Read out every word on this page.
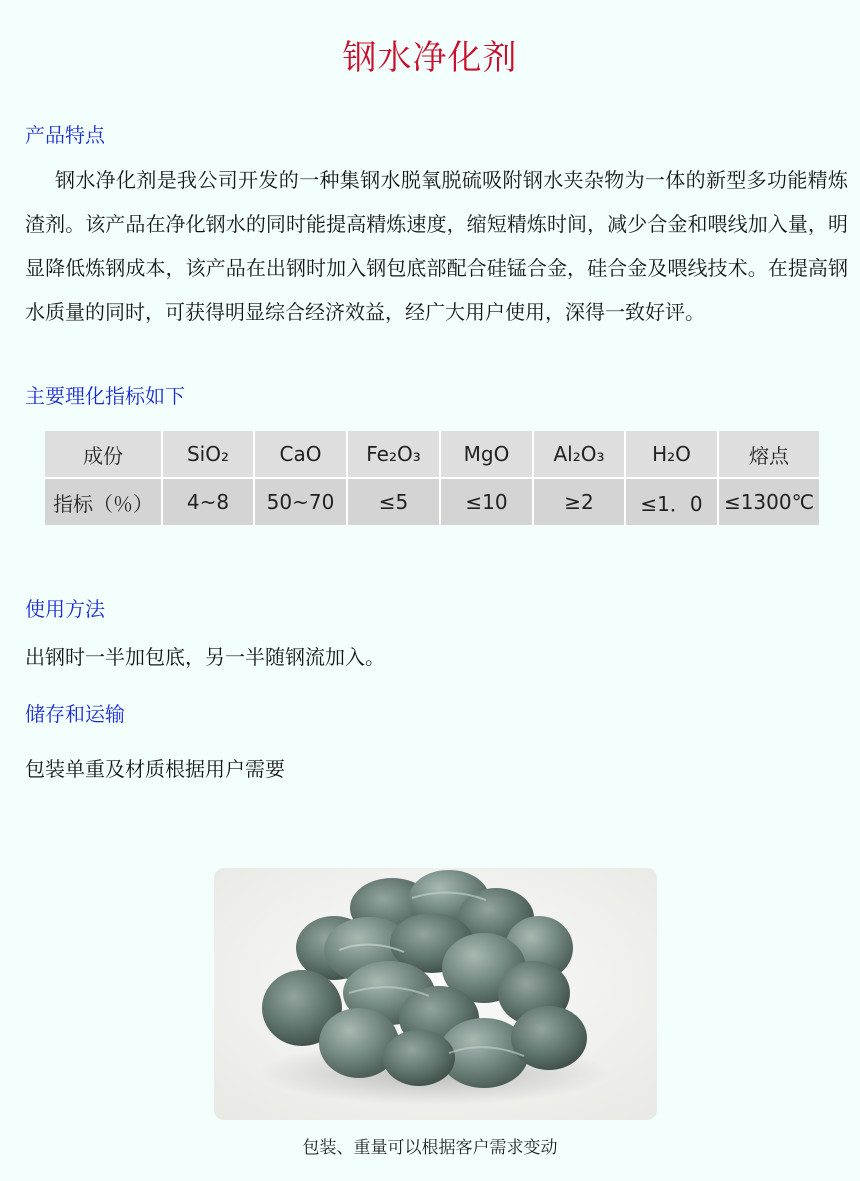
钢水净化剂
产品特点
钢水净化剂是我公司开发的一种集钢水脱氧脱硫吸附钢水夹杂物为一体的新型多功能精炼渣剂。该产品在净化钢水的同时能提高精炼速度，缩短精炼时间，减少合金和喂线加入量，明显降低炼钢成本，该产品在出钢时加入钢包底部配合硅锰合金，硅合金及喂线技术。在提高钢水质量的同时，可获得明显综合经济效益，经广大用户使用，深得一致好评。
主要理化指标如下
成份	SiO₂	CaO	Fe₂O₃	MgO	Al₂O₃	H₂O	熔点
指标（％）	4~8	50~70	≤5	≤10	≥2	≤1．0	≤1300℃
使用方法
出钢时一半加包底，另一半随钢流加入。
储存和运输
包装单重及材质根据用户需要
包装、重量可以根据客户需求变动
